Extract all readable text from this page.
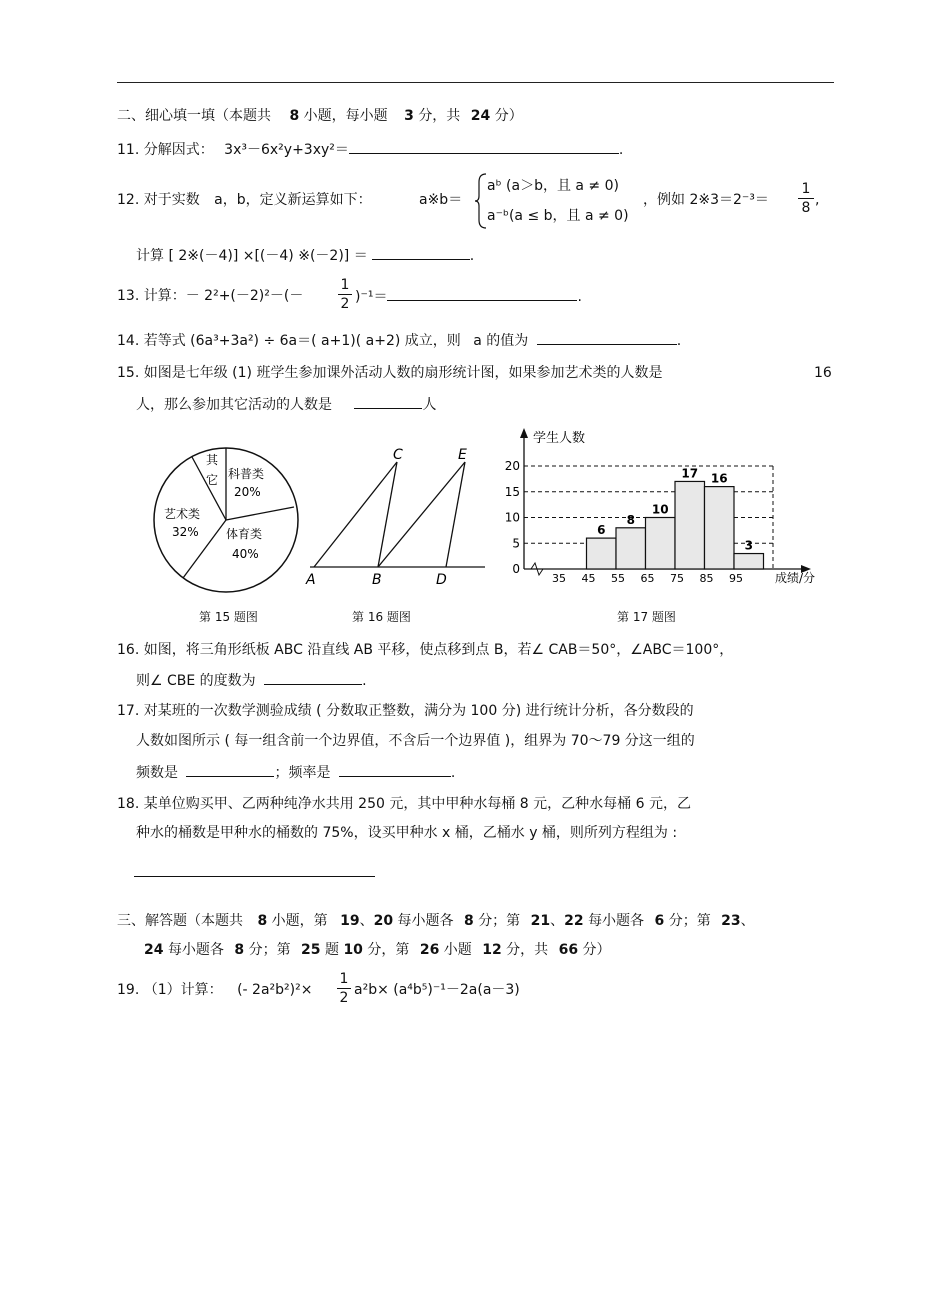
二、细心填一填（本题共 8 小题，每小题 3 分，共 24 分）
11. 分解因式： 3x³－6x²y+3xy²＝	.
12. 对于实数 a，b，定义新运算如下：	a※b＝
aᵇ (a＞b，且 a ≠ 0)
a⁻ᵇ(a ≤ b，且 a ≠ 0)
，例如 2※3＝2⁻³＝ $\frac{1}{8}$ ,
计算 [ 2※(－4)] ×[(－4) ※(－2)] ＝	.
13. 计算：－ $2^2+(-2)^2-(- \frac{1}{2} )^{-1}=$	.
14. 若等式 (6a³+3a²) ÷ 6a＝( a+1)( a+2) 成立，则 a 的值为	.
15. 如图是七年级 (1) 班学生参加课外活动人数的扇形统计图，如果参加艺术类的人数是	16
人，那么参加其它活动的人数是	人
其
它 科普类
20%
艺术类
32% 体育类
40%
A	B
C
D
E
学生人数
成绩/分
6
8
10
17 16
3
0
5
10
15
20
35 45 55 65 75 85 95
第 15 题图	第 16 题图	第 17 题图
16. 如图，将三角形纸板 ABC 沿直线 AB 平移，使点移到点 B，若∠ CAB＝50°，∠ABC＝100°，
则∠ CBE 的度数为	.
17. 对某班的一次数学测验成绩 ( 分数取正整数，满分为 100 分) 进行统计分析，各分数段的
人数如图所示 ( 每一组含前一个边界值，不含后一个边界值 )，组界为 70～79 分这一组的
频数是	；频率是	.
18. 某单位购买甲、乙两种纯净水共用 250 元，其中甲种水每桶 8 元，乙种水每桶 6 元，乙
种水的桶数是甲种水的桶数的 75%，设买甲种水 x 桶，乙桶水 y 桶，则所列方程组为 :
三、解答题（本题共 8 小题，第 19、20 每小题各 8 分；第 21、22 每小题各 6 分；第 23、
24 每小题各 8 分；第 25 题 10 分，第 26 小题 12 分，共 66 分）
19. （1）计算： (- $2a^2b^2)^2\times \frac{1}{2} a^2b\times (a^4b^5)^{-1}-2a(a-3)$
